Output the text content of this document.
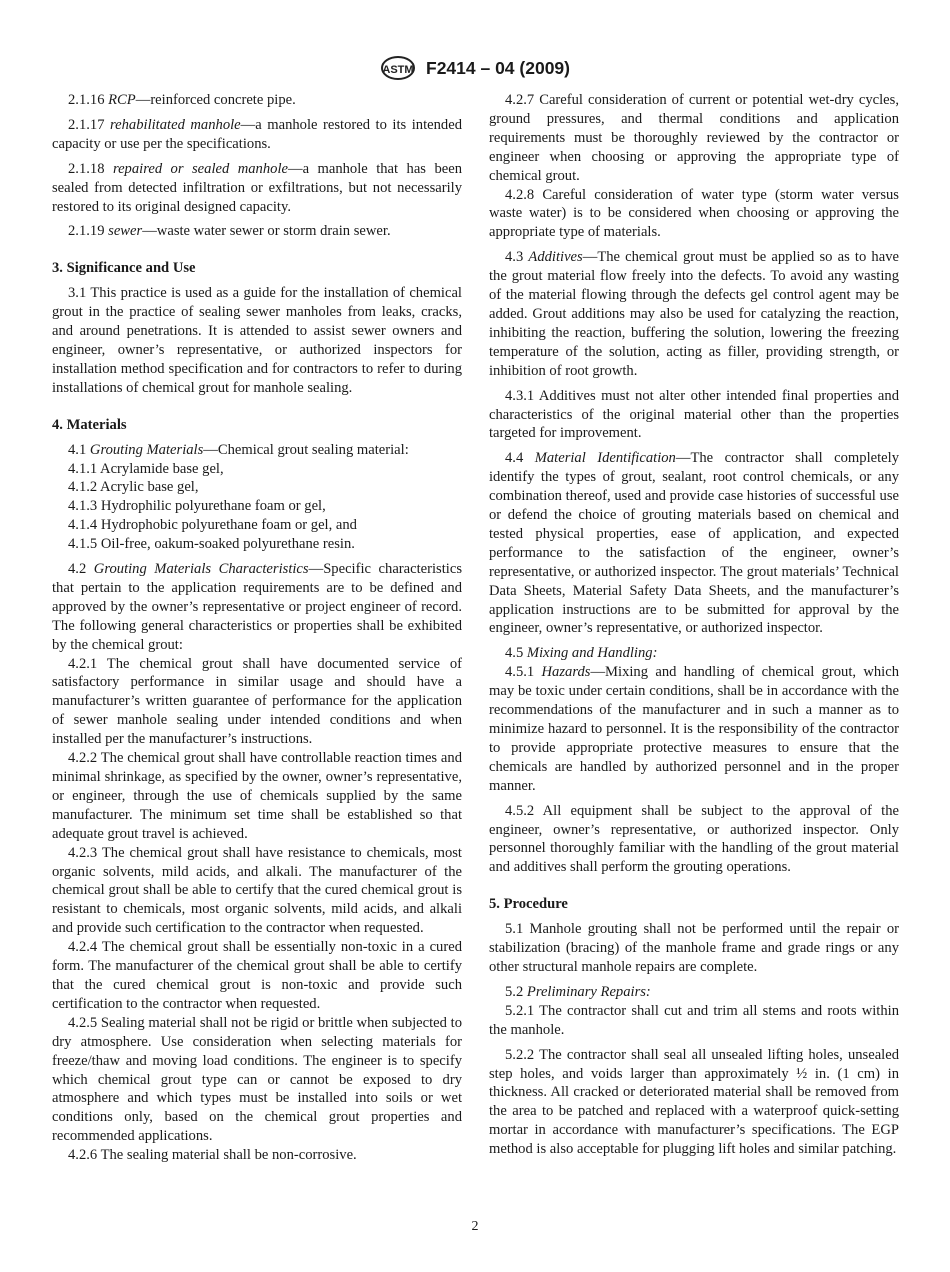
ASTM F2414 – 04 (2009)

2.1.16 RCP—reinforced concrete pipe.

2.1.17 rehabilitated manhole—a manhole restored to its intended capacity or use per the specifications.

2.1.18 repaired or sealed manhole—a manhole that has been sealed from detected infiltration or exfiltrations, but not necessarily restored to its original designed capacity.

2.1.19 sewer—waste water sewer or storm drain sewer.

3. Significance and Use

3.1 This practice is used as a guide for the installation of chemical grout in the practice of sealing sewer manholes from leaks, cracks, and around penetrations. It is attended to assist sewer owners and engineer, owner’s representative, or authorized inspectors for installation method specification and for contractors to refer to during installations of chemical grout for manhole sealing.

4. Materials

4.1 Grouting Materials—Chemical grout sealing material:

4.1.1 Acrylamide base gel,

4.1.2 Acrylic base gel,

4.1.3 Hydrophilic polyurethane foam or gel,

4.1.4 Hydrophobic polyurethane foam or gel, and

4.1.5 Oil-free, oakum-soaked polyurethane resin.

4.2 Grouting Materials Characteristics—Specific characteristics that pertain to the application requirements are to be defined and approved by the owner’s representative or project engineer of record. The following general characteristics or properties shall be exhibited by the chemical grout:

4.2.1 The chemical grout shall have documented service of satisfactory performance in similar usage and should have a manufacturer’s written guarantee of performance for the application of sewer manhole sealing under intended conditions and when installed per the manufacturer’s instructions.

4.2.2 The chemical grout shall have controllable reaction times and minimal shrinkage, as specified by the owner, owner’s representative, or engineer, through the use of chemicals supplied by the same manufacturer. The minimum set time shall be established so that adequate grout travel is achieved.

4.2.3 The chemical grout shall have resistance to chemicals, most organic solvents, mild acids, and alkali. The manufacturer of the chemical grout shall be able to certify that the cured chemical grout is resistant to chemicals, most organic solvents, mild acids, and alkali and provide such certification to the contractor when requested.

4.2.4 The chemical grout shall be essentially non-toxic in a cured form. The manufacturer of the chemical grout shall be able to certify that the cured chemical grout is non-toxic and provide such certification to the contractor when requested.

4.2.5 Sealing material shall not be rigid or brittle when subjected to dry atmosphere. Use consideration when selecting materials for freeze/thaw and moving load conditions. The engineer is to specify which chemical grout type can or cannot be exposed to dry atmosphere and which types must be installed into soils or wet conditions only, based on the chemical grout properties and recommended applications.

4.2.6 The sealing material shall be non-corrosive.

4.2.7 Careful consideration of current or potential wet-dry cycles, ground pressures, and thermal conditions and application requirements must be thoroughly reviewed by the contractor or engineer when choosing or approving the appropriate type of chemical grout.

4.2.8 Careful consideration of water type (storm water versus waste water) is to be considered when choosing or approving the appropriate type of materials.

4.3 Additives—The chemical grout must be applied so as to have the grout material flow freely into the defects. To avoid any wasting of the material flowing through the defects gel control agent may be added. Grout additions may also be used for catalyzing the reaction, inhibiting the reaction, buffering the solution, lowering the freezing temperature of the solution, acting as filler, providing strength, or inhibition of root growth.

4.3.1 Additives must not alter other intended final properties and characteristics of the original material other than the properties targeted for improvement.

4.4 Material Identification—The contractor shall completely identify the types of grout, sealant, root control chemicals, or any combination thereof, used and provide case histories of successful use or defend the choice of grouting materials based on chemical and tested physical properties, ease of application, and expected performance to the satisfaction of the engineer, owner’s representative, or authorized inspector. The grout materials’ Technical Data Sheets, Material Safety Data Sheets, and the manufacturer’s application instructions are to be submitted for approval by the engineer, owner’s representative, or authorized inspector.

4.5 Mixing and Handling:

4.5.1 Hazards—Mixing and handling of chemical grout, which may be toxic under certain conditions, shall be in accordance with the recommendations of the manufacturer and in such a manner as to minimize hazard to personnel. It is the responsibility of the contractor to provide appropriate protective measures to ensure that the chemicals are handled by authorized personnel and in the proper manner.

4.5.2 All equipment shall be subject to the approval of the engineer, owner’s representative, or authorized inspector. Only personnel thoroughly familiar with the handling of the grout material and additives shall perform the grouting operations.

5. Procedure

5.1 Manhole grouting shall not be performed until the repair or stabilization (bracing) of the manhole frame and grade rings or any other structural manhole repairs are complete.

5.2 Preliminary Repairs:

5.2.1 The contractor shall cut and trim all stems and roots within the manhole.

5.2.2 The contractor shall seal all unsealed lifting holes, unsealed step holes, and voids larger than approximately ½ in. (1 cm) in thickness. All cracked or deteriorated material shall be removed from the area to be patched and replaced with a waterproof quick-setting mortar in accordance with manufacturer’s specifications. The EGP method is also acceptable for plugging lift holes and similar patching.

2
